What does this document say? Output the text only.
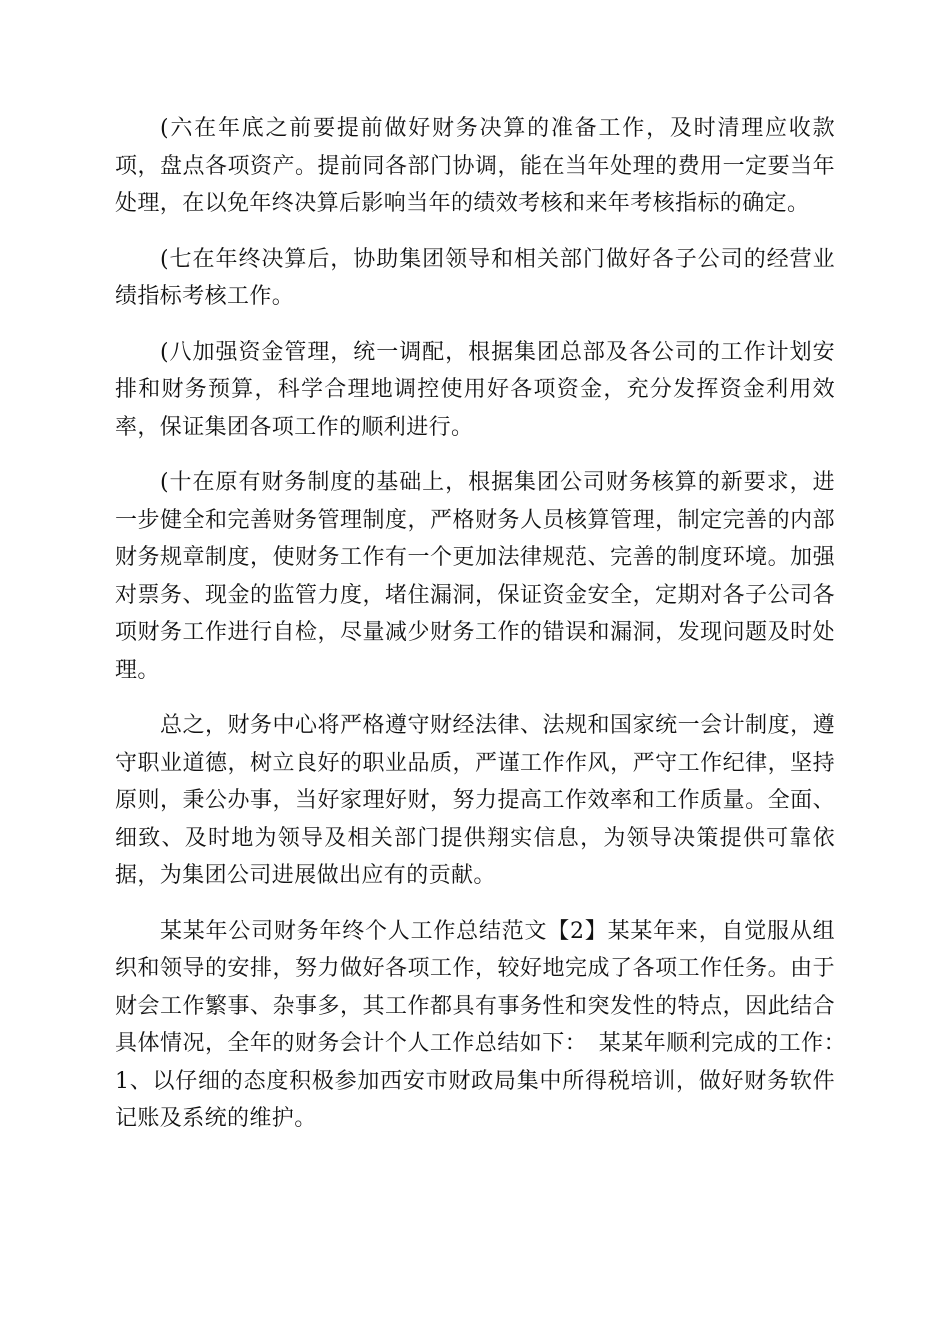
(六在年底之前要提前做好财务决算的准备工作，及时清理应收款项，盘点各项资产。提前同各部门协调，能在当年处理的费用一定要当年处理，在以免年终决算后影响当年的绩效考核和来年考核指标的确定。

(七在年终决算后，协助集团领导和相关部门做好各子公司的经营业绩指标考核工作。

(八加强资金管理，统一调配，根据集团总部及各公司的工作计划安排和财务预算，科学合理地调控使用好各项资金，充分发挥资金利用效率，保证集团各项工作的顺利进行。

(十在原有财务制度的基础上，根据集团公司财务核算的新要求，进一步健全和完善财务管理制度，严格财务人员核算管理，制定完善的内部财务规章制度，使财务工作有一个更加法律规范、完善的制度环境。加强对票务、现金的监管力度，堵住漏洞，保证资金安全，定期对各子公司各项财务工作进行自检，尽量减少财务工作的错误和漏洞，发现问题及时处理。

总之，财务中心将严格遵守财经法律、法规和国家统一会计制度，遵守职业道德，树立良好的职业品质，严谨工作作风，严守工作纪律，坚持原则，秉公办事，当好家理好财，努力提高工作效率和工作质量。全面、细致、及时地为领导及相关部门提供翔实信息，为领导决策提供可靠依据，为集团公司进展做出应有的贡献。

某某年公司财务年终个人工作总结范文【2】某某年来，自觉服从组织和领导的安排，努力做好各项工作，较好地完成了各项工作任务。由于财会工作繁事、杂事多，其工作都具有事务性和突发性的特点，因此结合具体情况，全年的财务会计个人工作总结如下：　某某年顺利完成的工作：　1、以仔细的态度积极参加西安市财政局集中所得税培训，做好财务软件记账及系统的维护。
